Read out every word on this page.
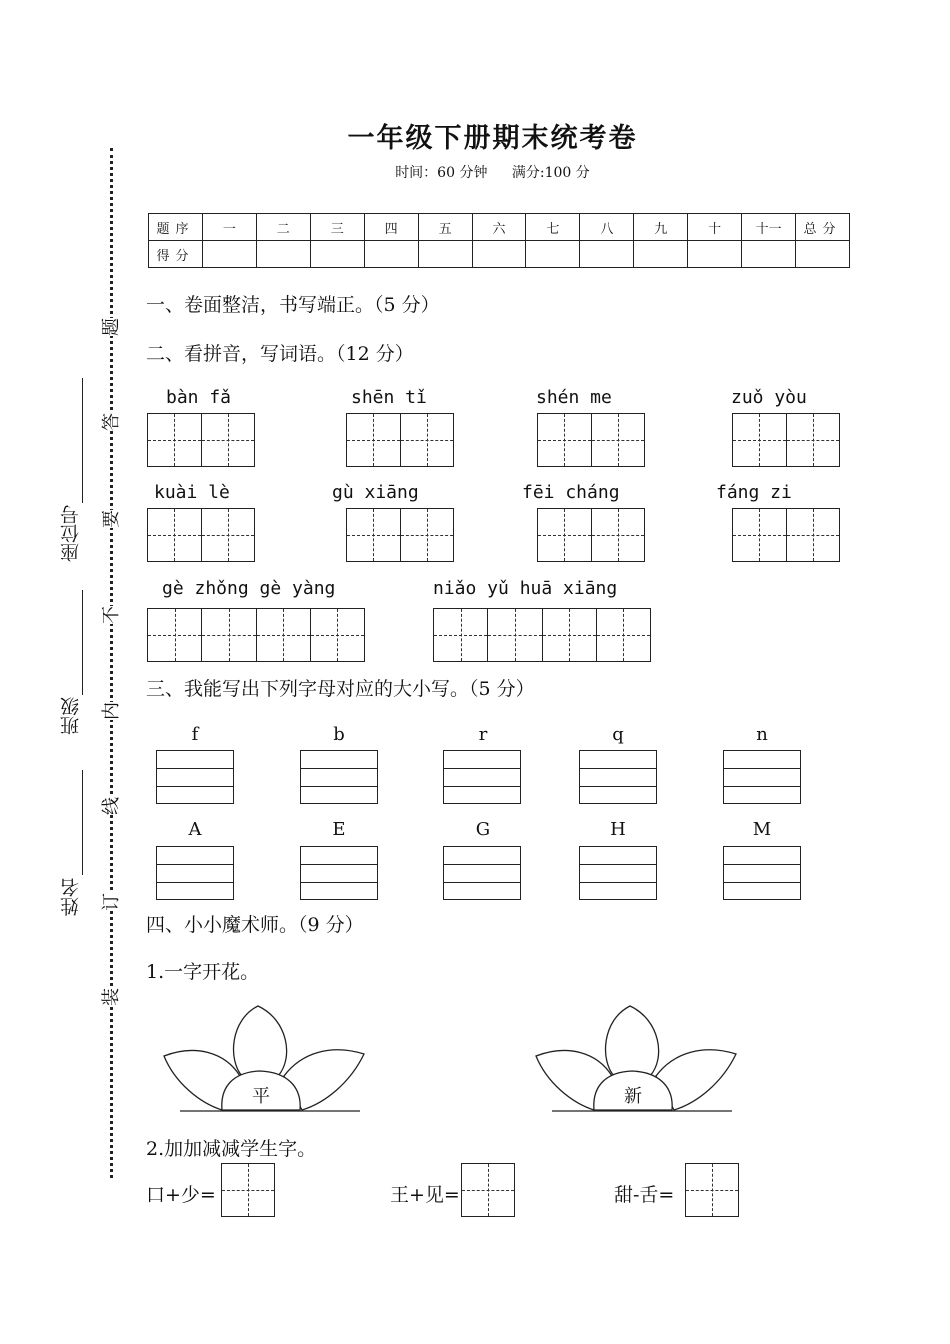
座位号
班级
姓名
装
订
线
内
不
要
答
题
一年级下册期末统考卷
时间：60 分钟 满分:100 分
题序	一	二	三	四	五	六	七	八	九	十	十一	总分
得分												
一、卷面整洁，书写端正。（5 分）
二、看拼音，写词语。（12 分）
bàn fǎ	shēn tǐ	shén me	zuǒ yòu
kuài lè	gù xiāng	fēi cháng	fáng zi
gè zhǒng gè yàng	niǎo yǔ huā xiāng
三、我能写出下列字母对应的大小写。（5 分）
f	b	r	q	n
A	E	G	H	M
四、小小魔术师。（9 分）
1.一字开花。
平	新
2.加加减减学生字。
口+少=	王+见=	甜-舌=
